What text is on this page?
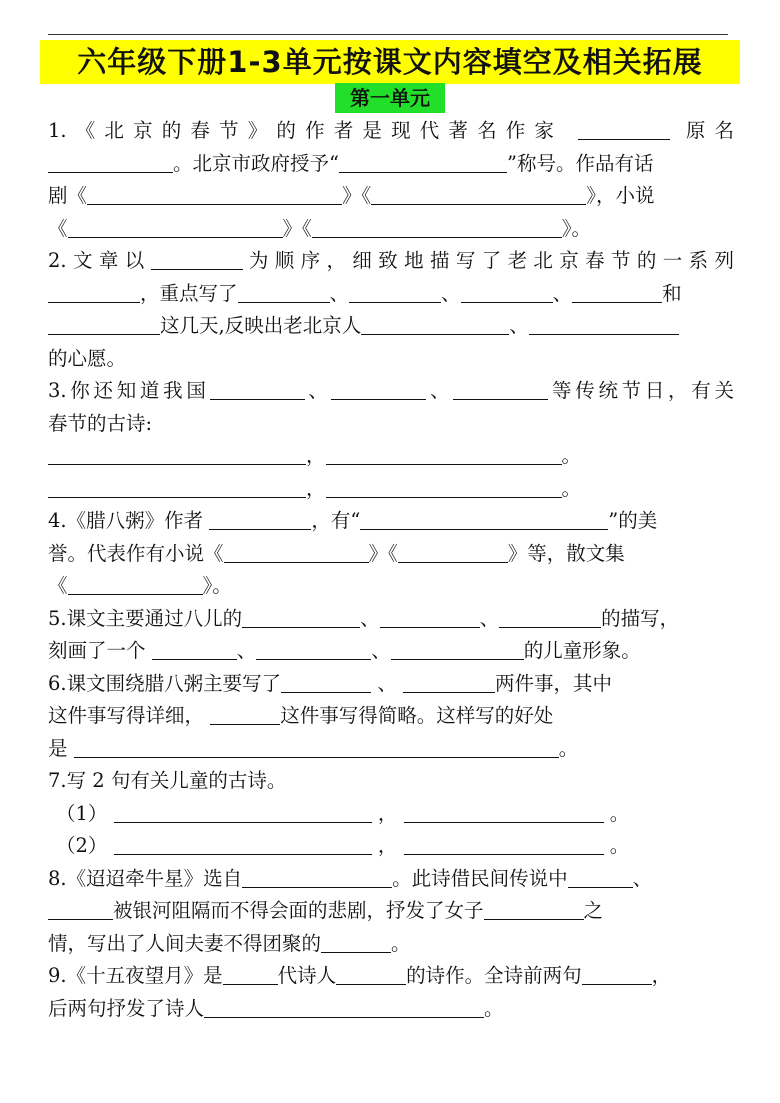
六年级下册1-3单元按课文内容填空及相关拓展
第一单元
1.《北京的春节》的作者是现代著名作家	原名
。北京市政府授予“	”称号。作品有话
剧《	》《	》，小说
《	》《	》。
2.文章以	为顺序，细致地描写了老北京春节的一系列
，重点写了	、	、	、	和
这几天,反映出老北京人	、
的心愿。
3.你还知道我国	、	、	等传统节日，有关
春节的古诗:
，	。
，	。
4.《腊八粥》作者	，有“	”的美
誉。代表作有小说《	》《	》等，散文集
《	》。
5.课文主要通过八儿的	、	、	的描写，
刻画了一个	、	、	的儿童形象。
6.课文围绕腊八粥主要写了	、	两件事，其中
这件事写得详细，	这件事写得简略。这样写的好处
是	。
7.写 2 句有关儿童的古诗。
（1）	，	。
（2）	，	。
8.《迢迢牵牛星》选自	。此诗借民间传说中	、
被银河阻隔而不得会面的悲剧，抒发了女子	之
情，写出了人间夫妻不得团聚的	。
9.《十五夜望月》是	代诗人	的诗作。全诗前两句	，
后两句抒发了诗人	。
